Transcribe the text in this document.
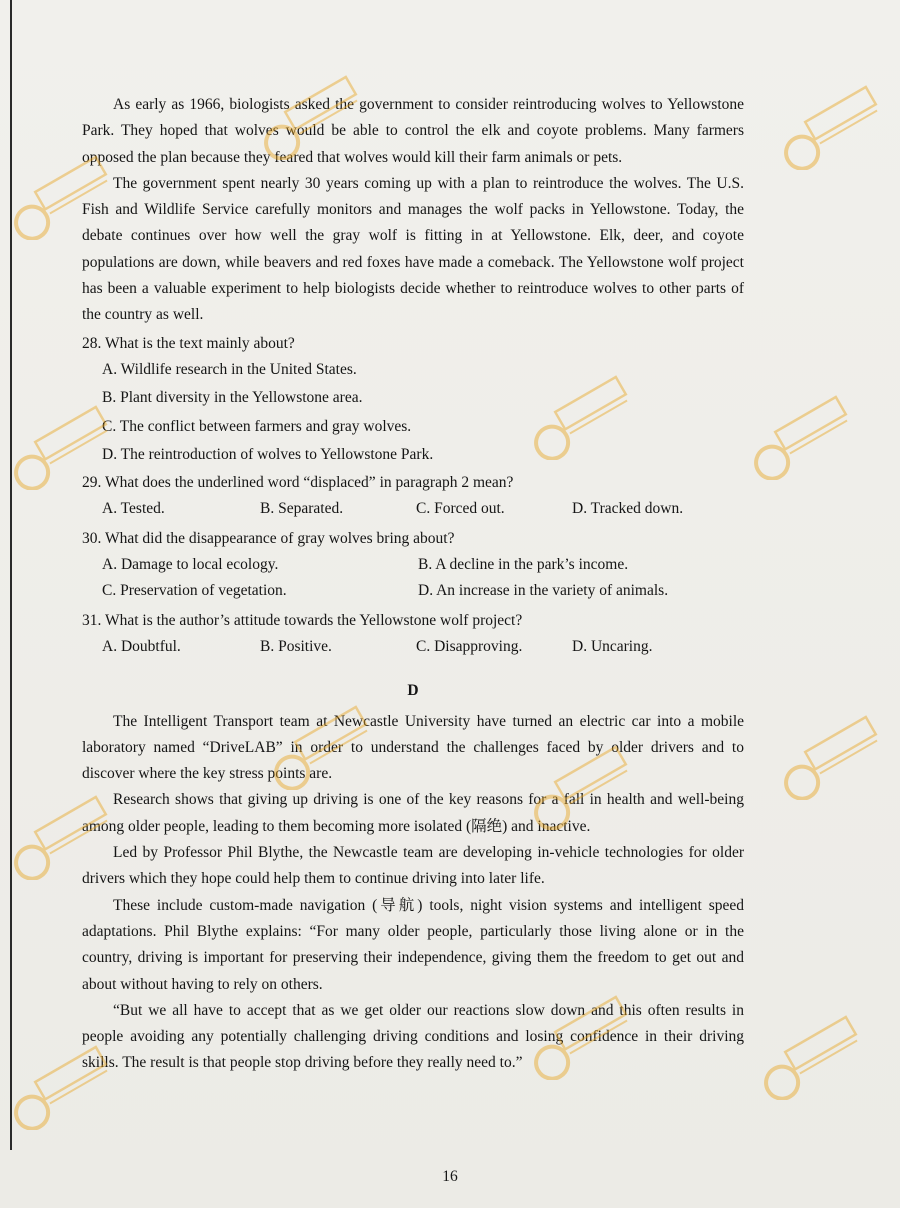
As early as 1966, biologists asked the government to consider reintroducing wolves to Yellowstone Park. They hoped that wolves would be able to control the elk and coyote problems. Many farmers opposed the plan because they feared that wolves would kill their farm animals or pets.

The government spent nearly 30 years coming up with a plan to reintroduce the wolves. The U.S. Fish and Wildlife Service carefully monitors and manages the wolf packs in Yellowstone. Today, the debate continues over how well the gray wolf is fitting in at Yellowstone. Elk, deer, and coyote populations are down, while beavers and red foxes have made a comeback. The Yellowstone wolf project has been a valuable experiment to help biologists decide whether to reintroduce wolves to other parts of the country as well.

28. What is the text mainly about?
A. Wildlife research in the United States.
B. Plant diversity in the Yellowstone area.
C. The conflict between farmers and gray wolves.
D. The reintroduction of wolves to Yellowstone Park.
29. What does the underlined word “displaced” in paragraph 2 mean?
A. Tested.	B. Separated.	C. Forced out.	D. Tracked down.
30. What did the disappearance of gray wolves bring about?
A. Damage to local ecology.	B. A decline in the park’s income.
C. Preservation of vegetation.	D. An increase in the variety of animals.
31. What is the author’s attitude towards the Yellowstone wolf project?
A. Doubtful.	B. Positive.	C. Disapproving.	D. Uncaring.
D

The Intelligent Transport team at Newcastle University have turned an electric car into a mobile laboratory named “DriveLAB” in order to understand the challenges faced by older drivers and to discover where the key stress points are.

Research shows that giving up driving is one of the key reasons for a fall in health and well-being among older people, leading to them becoming more isolated (隔绝) and inactive.

Led by Professor Phil Blythe, the Newcastle team are developing in-vehicle technologies for older drivers which they hope could help them to continue driving into later life.

These include custom-made navigation (导航) tools, night vision systems and intelligent speed adaptations. Phil Blythe explains: “For many older people, particularly those living alone or in the country, driving is important for preserving their independence, giving them the freedom to get out and about without having to rely on others.

“But we all have to accept that as we get older our reactions slow down and this often results in people avoiding any potentially challenging driving conditions and losing confidence in their driving skills. The result is that people stop driving before they really need to.”

16
